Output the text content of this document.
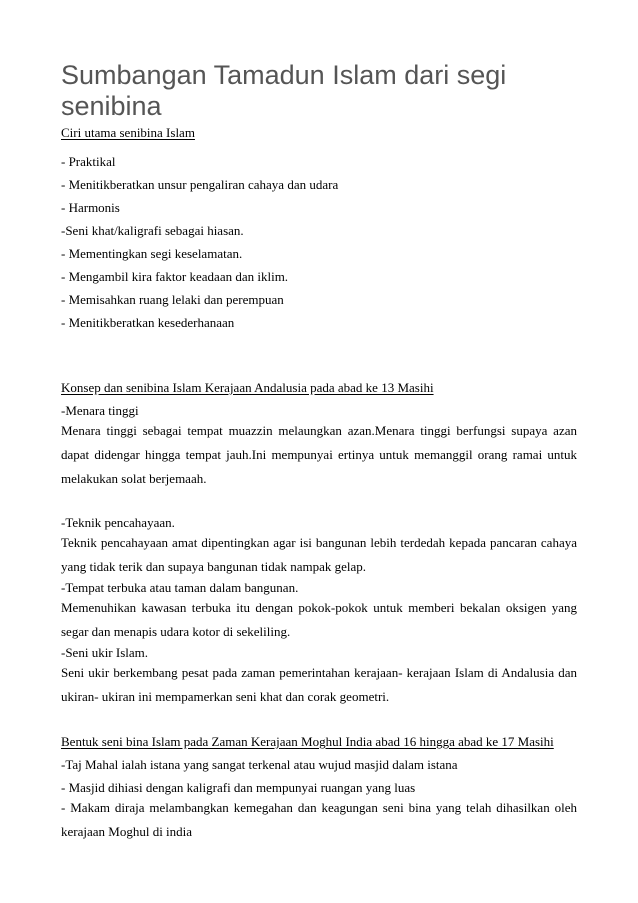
Sumbangan Tamadun Islam dari segi senibina

Ciri utama senibina Islam

- Praktikal

- Menitikberatkan unsur pengaliran cahaya dan udara

- Harmonis

-Seni khat/kaligrafi sebagai hiasan.

- Mementingkan segi keselamatan.

- Mengambil kira faktor keadaan dan iklim.

- Memisahkan ruang lelaki dan perempuan

- Menitikberatkan kesederhanaan

Konsep dan senibina Islam Kerajaan Andalusia pada abad ke 13 Masihi

-Menara tinggi

Menara tinggi sebagai tempat muazzin melaungkan azan.Menara tinggi berfungsi supaya azan dapat didengar hingga tempat jauh.Ini mempunyai ertinya untuk memanggil orang ramai untuk melakukan solat berjemaah.

-Teknik pencahayaan.

Teknik pencahayaan amat dipentingkan agar isi bangunan lebih terdedah kepada pancaran cahaya yang tidak terik dan supaya bangunan tidak nampak gelap.

-Tempat terbuka atau taman dalam bangunan.

Memenuhikan kawasan terbuka itu dengan pokok-pokok untuk memberi bekalan oksigen yang segar dan menapis udara kotor di sekeliling.

-Seni ukir Islam.

Seni ukir berkembang pesat pada zaman pemerintahan kerajaan- kerajaan Islam di Andalusia dan ukiran- ukiran ini mempamerkan seni khat dan corak geometri.

Bentuk seni bina Islam pada Zaman Kerajaan Moghul India abad 16 hingga abad ke 17 Masihi

-Taj Mahal ialah istana yang sangat terkenal atau wujud masjid dalam istana

- Masjid dihiasi dengan kaligrafi dan mempunyai ruangan yang luas

- Makam diraja melambangkan kemegahan dan keagungan seni bina yang telah dihasilkan oleh kerajaan Moghul di india
